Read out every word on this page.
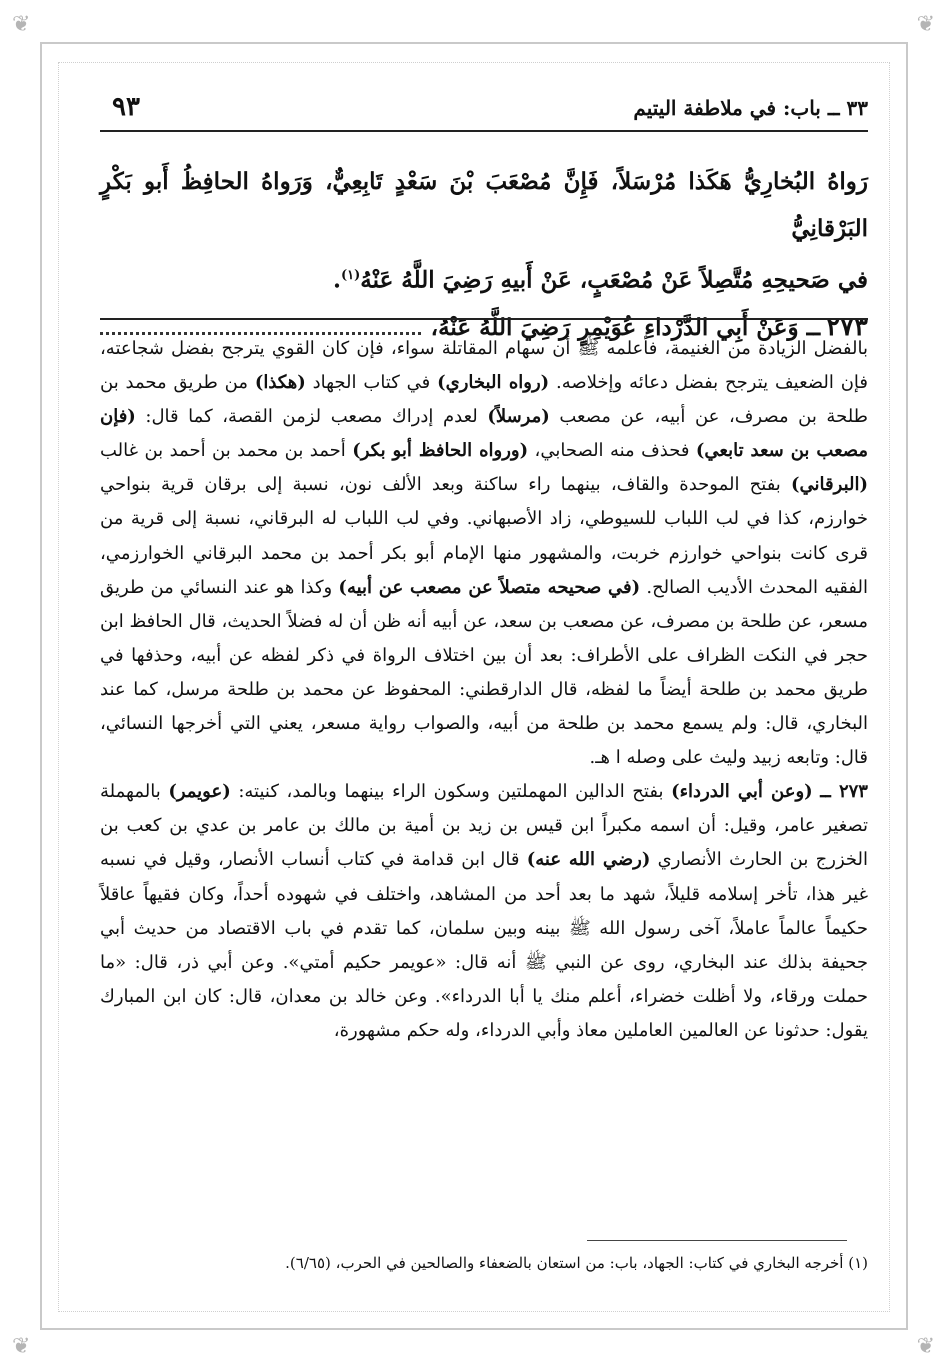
❦	❦
❦	❦
٣٣ ــ باب: في ملاطفة اليتيم
٩٣

رَواهُ البُخارِيُّ هَكَذا مُرْسَلاً، فَإِنَّ مُصْعَبَ بْنَ سَعْدٍ تَابِعِيٌّ، وَرَواهُ الحافِظُ أَبو بَكْرٍ البَرْقانِيُّ

في صَحيحِهِ مُتَّصِلاً عَنْ مُصْعَبٍ، عَنْ أَبيهِ رَضِيَ اللَّهُ عَنْهُ$^{(١)}$.

٢٧٣
ــ وَعَنْ أَبِي الدَّرْداءِ عُوَيْمِرٍ رَضِيَ اللَّهُ عَنْهُ،

بالفضل الزيادة من الغنيمة، فأعلمه ﷺ أن سهام المقاتلة سواء، فإن كان القوي يترجح بفضل شجاعته، فإن الضعيف يترجح بفضل دعائه وإخلاصه. (رواه البخاري) في كتاب الجهاد (هكذا) من طريق محمد بن طلحة بن مصرف، عن أبيه، عن مصعب (مرسلاً) لعدم إدراك مصعب لزمن القصة، كما قال: (فإن مصعب بن سعد تابعي) فحذف منه الصحابي، (ورواه الحافظ أبو بكر) أحمد بن محمد بن أحمد بن غالب (البرقاني) بفتح الموحدة والقاف، بينهما راء ساكنة وبعد الألف نون، نسبة إلى برقان قرية بنواحي خوارزم، كذا في لب اللباب للسيوطي، زاد الأصبهاني. وفي لب اللباب له البرقاني، نسبة إلى قرية من قرى كانت بنواحي خوارزم خربت، والمشهور منها الإمام أبو بكر أحمد بن محمد البرقاني الخوارزمي، الفقيه المحدث الأديب الصالح. (في صحيحه متصلاً عن مصعب عن أبيه) وكذا هو عند النسائي من طريق مسعر، عن طلحة بن مصرف، عن مصعب بن سعد، عن أبيه أنه ظن أن له فضلاً الحديث، قال الحافظ ابن حجر في النكت الظراف على الأطراف: بعد أن بين اختلاف الرواة في ذكر لفظه عن أبيه، وحذفها في طريق محمد بن طلحة أيضاً ما لفظه، قال الدارقطني: المحفوظ عن محمد بن طلحة مرسل، كما عند البخاري، قال: ولم يسمع محمد بن طلحة من أبيه، والصواب رواية مسعر، يعني التي أخرجها النسائي، قال: وتابعه زبيد وليث على وصله ا هـ.

٢٧٣ ــ (وعن أبي الدرداء) بفتح الدالين المهملتين وسكون الراء بينهما وبالمد، كنيته: (عويمر) بالمهملة تصغير عامر، وقيل: أن اسمه مكبراً ابن قيس بن زيد بن أمية بن مالك بن عامر بن عدي بن كعب بن الخزرج بن الحارث الأنصاري (رضي الله عنه) قال ابن قدامة في كتاب أنساب الأنصار، وقيل في نسبه غير هذا، تأخر إسلامه قليلاً، شهد ما بعد أحد من المشاهد، واختلف في شهوده أحداً، وكان فقيهاً عاقلاً حكيماً عالماً عاملاً، آخى رسول الله ﷺ بينه وبين سلمان، كما تقدم في باب الاقتصاد من حديث أبي جحيفة بذلك عند البخاري، روى عن النبي ﷺ أنه قال: «عويمر حكيم أمتي». وعن أبي ذر، قال: «ما حملت ورقاء، ولا أظلت خضراء، أعلم منك يا أبا الدرداء». وعن خالد بن معدان، قال: كان ابن المبارك يقول: حدثونا عن العالمين العاملين معاذ وأبي الدرداء، وله حكم مشهورة،

(١) أخرجه البخاري في كتاب: الجهاد، باب: من استعان بالضعفاء والصالحين في الحرب، (٦/٦٥).
